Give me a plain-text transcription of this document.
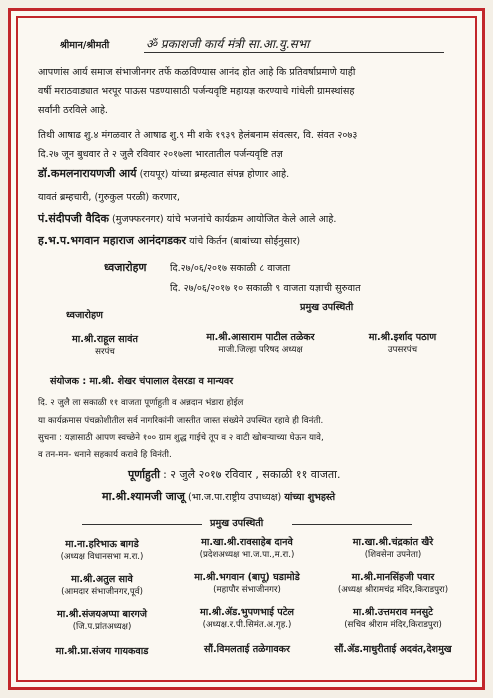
श्रीमान/श्रीमती	ॐ प्रकाशजी कार्य मंत्री सा.आ.यु.सभा
आपणांस आर्य समाज संभाजीनगर तर्फे कळविण्यास आनंद होत आहे कि प्रतिवर्षाप्रमाणे याही
वर्षी मराठवाड्यात भरपूर पाऊस पडण्यासाठी पर्जन्यवृष्टि महायज्ञ करण्याचे गांधेली ग्रामस्थांसह
सर्वांनी ठरविले आहे.
तिथी आषाढ शु.४ मंगळवार ते आषाढ शु.९ मी शके १९३९ हेलंबनाम संवत्सर, वि. संवत २०७३
दि.२७ जून बुधवार ते २ जुलै रविवार २०१७ला भारतातील पर्जन्यवृष्टि तज्ञ
डॉ.कमलनारायणजी आर्य (रायपूर) यांच्या ब्रम्हत्वात संपन्न होणार आहे.
यावतं ब्रम्हचारी, (गुरुकुल परळी) करणार,
पं.संदीपजी वैदिक (मुजफ्फरनगर) यांचे भजनांचे कार्यक्रम आयोजित केले आले आहे.
ह.भ.प.भगवान महाराज आनंदगडकर यांचे किर्तन (बाबांच्या सोईनुसार)
ध्वजारोहण दि.२७/०६/२०१७ सकाळी ८ वाजता
दि. २७/०६/२०१७ १० सकाळी ९ वाजता यज्ञाची सुरुवात
ध्वजारोहण
प्रमुख उपस्थिती
मा.श्री.राहूल सावंत
सरपंच
मा.श्री.आसाराम पाटील तळेकर
माजी.जिल्हा परिषद अध्यक्ष
मा.श्री.इर्शाद पठाण
उपसरपंच
संयोजक : मा.श्री. शेखर चंपालाल देसरडा व मान्यवर
दि. २ जुलै ला सकाळी ११ वाजता पूर्णाहुती व अन्नदान भंडारा होईल
या कार्यक्रमास पंचक्रोशीतील सर्व नागरिकांनी जास्तीत जास्त संख्येने उपस्थित रहावे ही विनंती.
सुचना : यज्ञासाठी आपण स्वच्छेने १०० ग्राम शुद्ध गाईचे तूप व २ वाटी खोबऱ्याच्या घेऊन यावे,
व तन-मन- धनाने सहकार्य करावे हि विनंती.
पूर्णाहुती : २ जुलै २०१७ रविवार , सकाळी ११ वाजता.
मा.श्री.श्यामजी जाजू (भा.ज.पा.राष्ट्रीय उपाध्यक्ष) यांच्या शुभहस्ते
प्रमुख उपस्थिती
मा.ना.हरिभाऊ बागडे
(अध्यक्ष विधानसभा म.रा.)
मा.खा.श्री.रावसाहेब दानवे
(प्रदेशअध्यक्ष भा.ज.पा.,म.रा.)
मा.खा.श्री.चंद्रकांत खैरे
(शिवसेना उपनेता)
मा.श्री.अतुल सावे
(आमदार संभाजीनगर,पूर्व)
मा.श्री.भगवान (बापू) घडामोडे
(महापौर संभाजीनगर)
मा.श्री.मानसिंहजी पवार
(अध्यक्ष श्रीरामचंद्र मंदिर,किराडपुरा)
मा.श्री.संजयअप्पा बारगजे
(जि.प.प्रांतअध्यक्ष)
मा.श्री.ॲड.भुपणभाई पटेल
(अध्यक्ष.र.पी.सिमंत.अ.गृह.)
मा.श्री.उत्तमराव मनसुटे
(सचिव श्रीराम मंदिर,किराडपुरा)
मा.श्री.प्रा.संजय गायकवाड	सौं.विमलताई तळेगावकर	सौं.ॲड.माधुरीताई अदवंत,देशमुख
